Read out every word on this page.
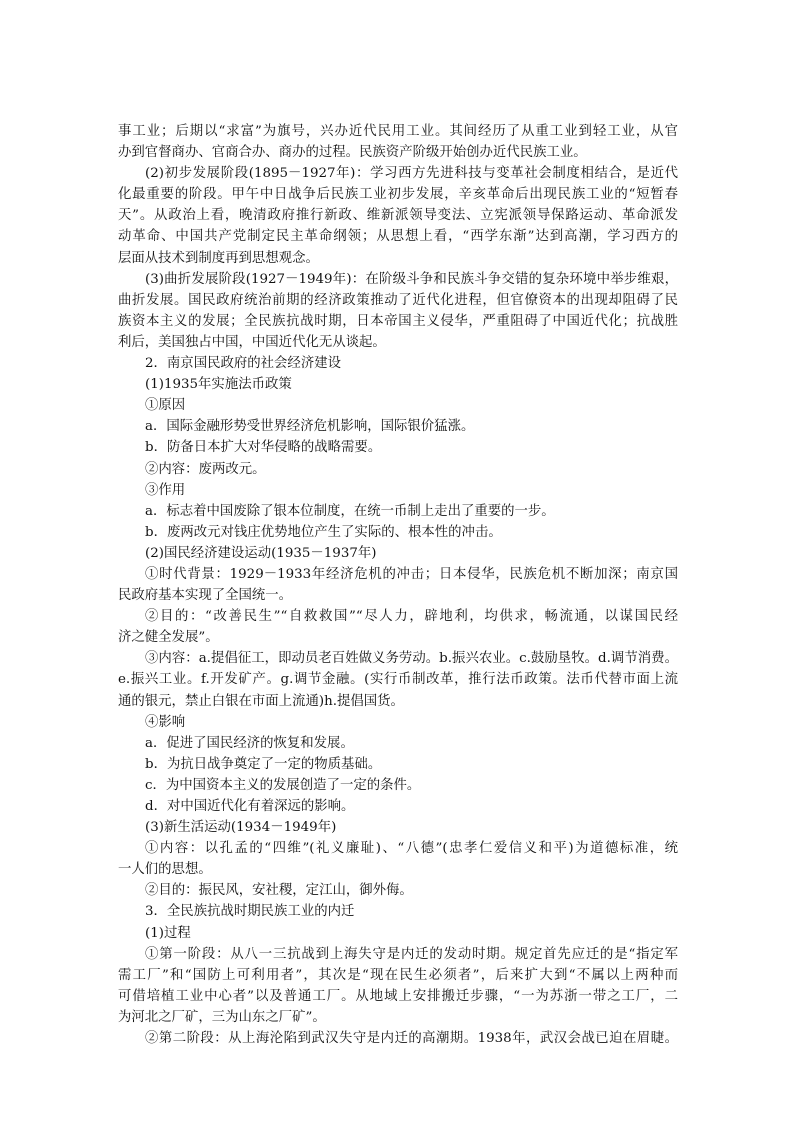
事工业；后期以“求富”为旗号，兴办近代民用工业。其间经历了从重工业到轻工业，从官
办到官督商办、官商合办、商办的过程。民族资产阶级开始创办近代民族工业。
(2)初步发展阶段(1895－1927年)：学习西方先进科技与变革社会制度相结合，是近代
化最重要的阶段。甲午中日战争后民族工业初步发展，辛亥革命后出现民族工业的“短暂春
天”。从政治上看，晚清政府推行新政、维新派领导变法、立宪派领导保路运动、革命派发
动革命、中国共产党制定民主革命纲领；从思想上看，“西学东渐”达到高潮，学习西方的
层面从技术到制度再到思想观念。
(3)曲折发展阶段(1927－1949年)：在阶级斗争和民族斗争交错的复杂环境中举步维艰，
曲折发展。国民政府统治前期的经济政策推动了近代化进程，但官僚资本的出现却阻碍了民
族资本主义的发展；全民族抗战时期，日本帝国主义侵华，严重阻碍了中国近代化；抗战胜
利后，美国独占中国，中国近代化无从谈起。
2．南京国民政府的社会经济建设
(1)1935年实施法币政策
①原因
a．国际金融形势受世界经济危机影响，国际银价猛涨。
b．防备日本扩大对华侵略的战略需要。
②内容：废两改元。
③作用
a．标志着中国废除了银本位制度，在统一币制上走出了重要的一步。
b．废两改元对钱庄优势地位产生了实际的、根本性的冲击。
(2)国民经济建设运动(1935－1937年)
①时代背景：1929－1933年经济危机的冲击；日本侵华，民族危机不断加深；南京国
民政府基本实现了全国统一。
②目的：“改善民生”“自救救国”“尽人力，辟地利，均供求，畅流通，以谋国民经
济之健全发展”。
③内容：a.提倡征工，即动员老百姓做义务劳动。b.振兴农业。c.鼓励垦牧。d.调节消费。
e.振兴工业。f.开发矿产。g.调节金融。(实行币制改革，推行法币政策。法币代替市面上流
通的银元，禁止白银在市面上流通)h.提倡国货。
④影响
a．促进了国民经济的恢复和发展。
b．为抗日战争奠定了一定的物质基础。
c．为中国资本主义的发展创造了一定的条件。
d．对中国近代化有着深远的影响。
(3)新生活运动(1934－1949年)
①内容：以孔孟的“四维”(礼义廉耻)、“八德”(忠孝仁爱信义和平)为道德标准，统
一人们的思想。
②目的：振民风，安社稷，定江山，御外侮。
3．全民族抗战时期民族工业的内迁
(1)过程
①第一阶段：从八一三抗战到上海失守是内迁的发动时期。规定首先应迁的是“指定军
需工厂”和“国防上可利用者”，其次是“现在民生必须者”，后来扩大到“不属以上两种而
可借培植工业中心者”以及普通工厂。从地域上安排搬迁步骤，“一为苏浙一带之工厂，二
为河北之厂矿，三为山东之厂矿”。
②第二阶段：从上海沦陷到武汉失守是内迁的高潮期。1938年，武汉会战已迫在眉睫。
